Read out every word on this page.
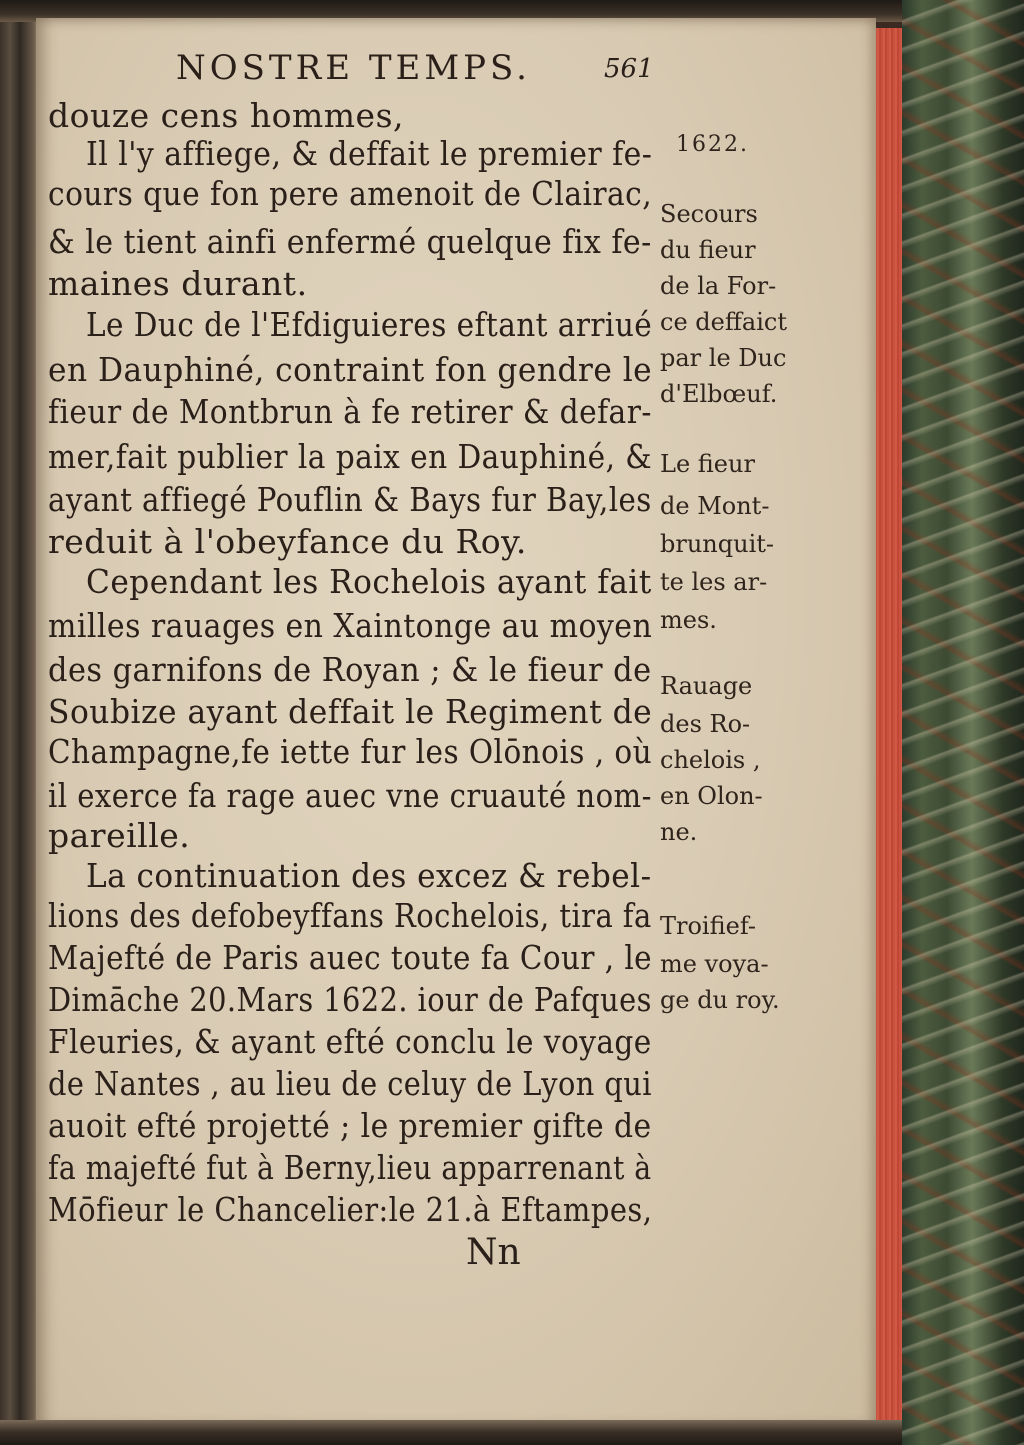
NOSTRE TEMPS.	561
douze cens hommes,
Il l'y affiege, & deffait le premier fe-
cours que fon pere amenoit de Clairac,
& le tient ainfi enfermé quelque fix fe-
maines durant.
Le Duc de l'Efdiguieres eftant arriué
en Dauphiné, contraint fon gendre le
fieur de Montbrun à fe retirer & defar-
mer,fait publier la paix en Dauphiné, &
ayant affiegé Pouflin & Bays fur Bay,les
reduit à l'obeyfance du Roy.
Cependant les Rochelois ayant fait
milles rauages en Xaintonge au moyen
des garnifons de Royan ; & le fieur de
Soubize ayant deffait le Regiment de
Champagne,fe iette fur les Olōnois , où
il exerce fa rage auec vne cruauté nom-
pareille.
La continuation des excez & rebel-
lions des defobeyffans Rochelois, tira fa
Majefté de Paris auec toute fa Cour , le
Dimāche 20.Mars 1622. iour de Pafques
Fleuries, & ayant efté conclu le voyage
de Nantes , au lieu de celuy de Lyon qui
auoit efté projetté ; le premier gifte de
fa majefté fut à Berny,lieu apparrenant à
Mōfieur le Chancelier:le 21.à Eftampes,
1622.
Secours
du fieur
de la For-
ce deffaict
par le Duc
d'Elbœuf.
Le fieur
de Mont-
brunquit-
te les ar-
mes.
Rauage
des Ro-
chelois ,
en Olon-
ne.
Troifief-
me voya-
ge du roy.
Nn
